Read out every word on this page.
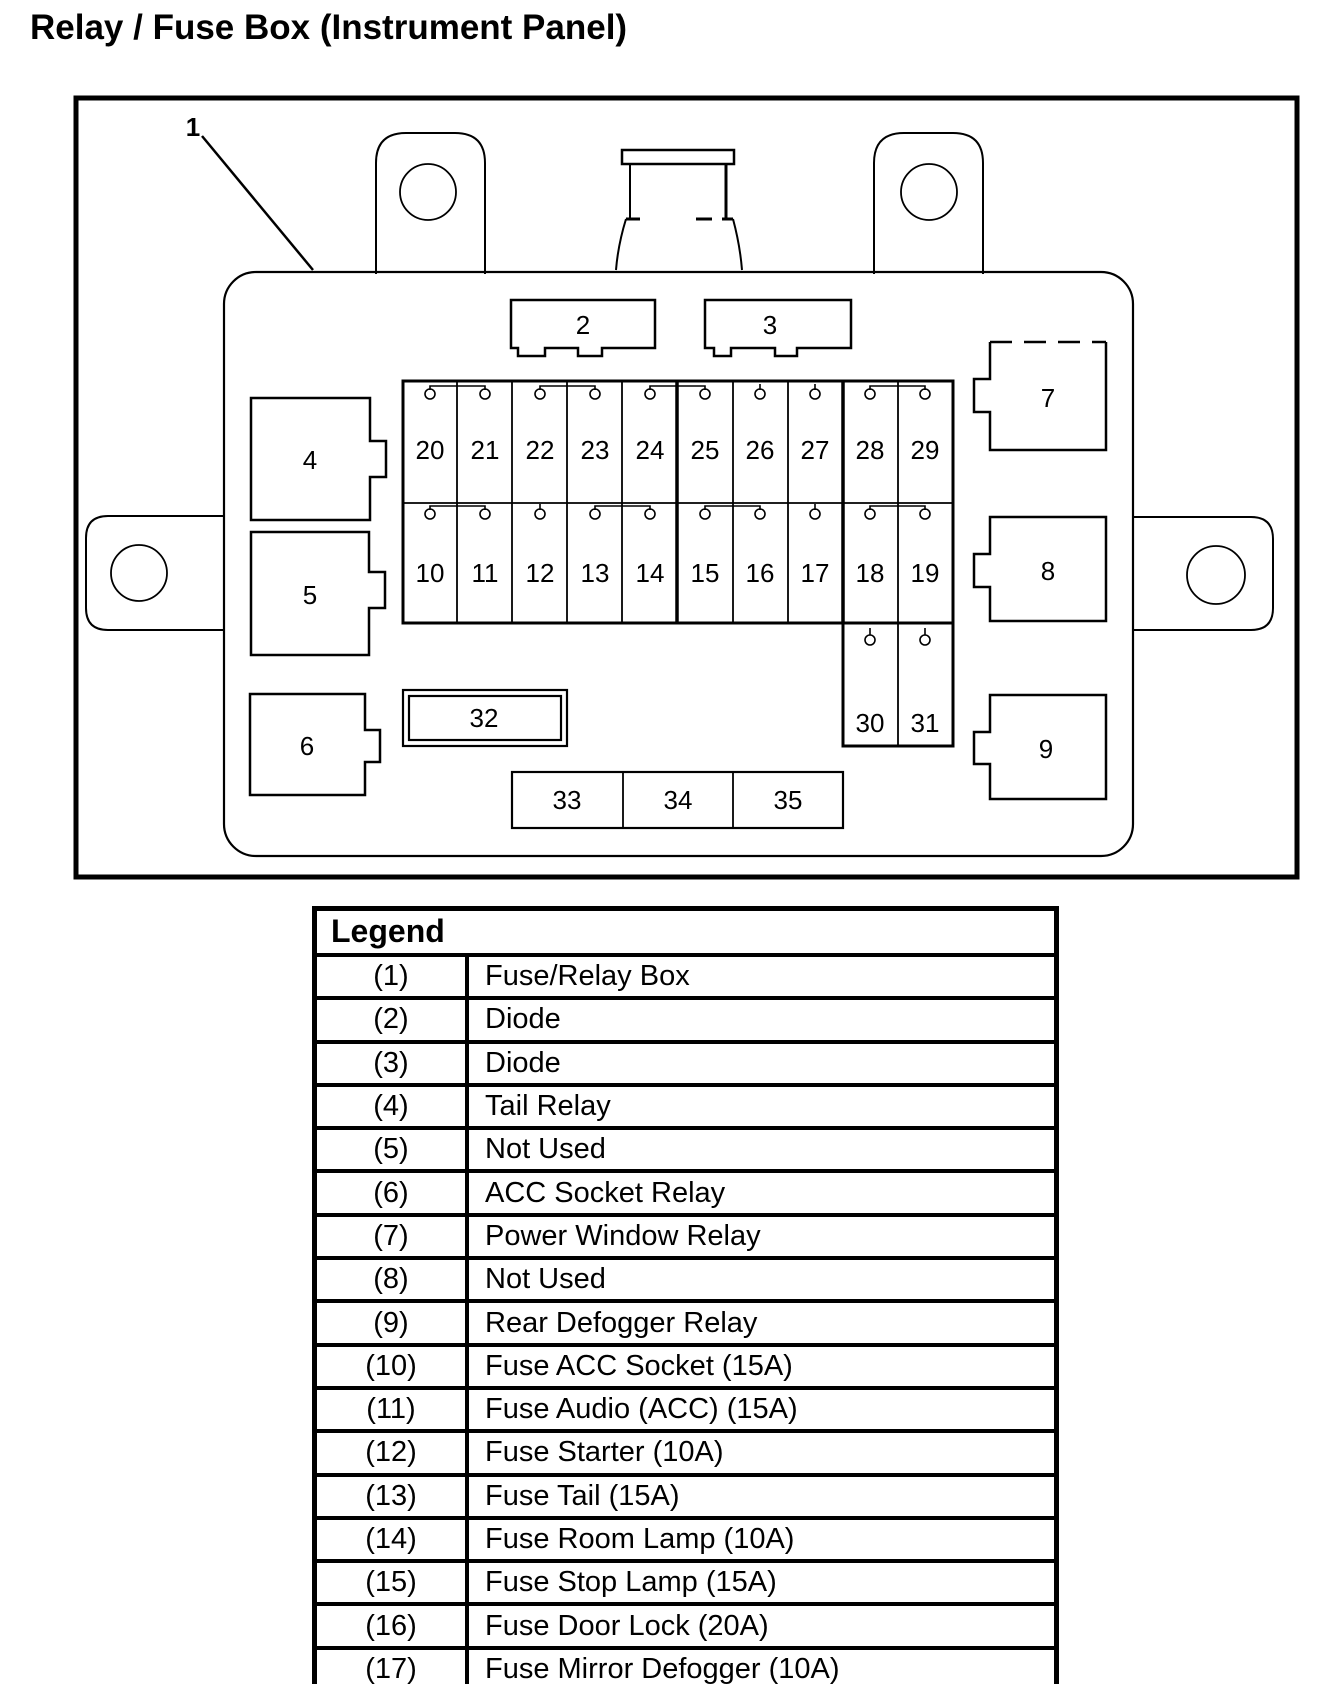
Relay / Fuse Box (Instrument Panel)
1
2	3
4
5
6
7
8
9
20 21 22 23 24 25 26 27 28 29
10 11 12 13 14 15 16 17 18 19
30 31
32
33	34	35
Legend
(1)	Fuse/Relay Box
(2)	Diode
(3)	Diode
(4)	Tail Relay
(5)	Not Used
(6)	ACC Socket Relay
(7)	Power Window Relay
(8)	Not Used
(9)	Rear Defogger Relay
(10)	Fuse ACC Socket (15A)
(11)	Fuse Audio (ACC) (15A)
(12)	Fuse Starter (10A)
(13)	Fuse Tail (15A)
(14)	Fuse Room Lamp (10A)
(15)	Fuse Stop Lamp (15A)
(16)	Fuse Door Lock (20A)
(17)	Fuse Mirror Defogger (10A)
